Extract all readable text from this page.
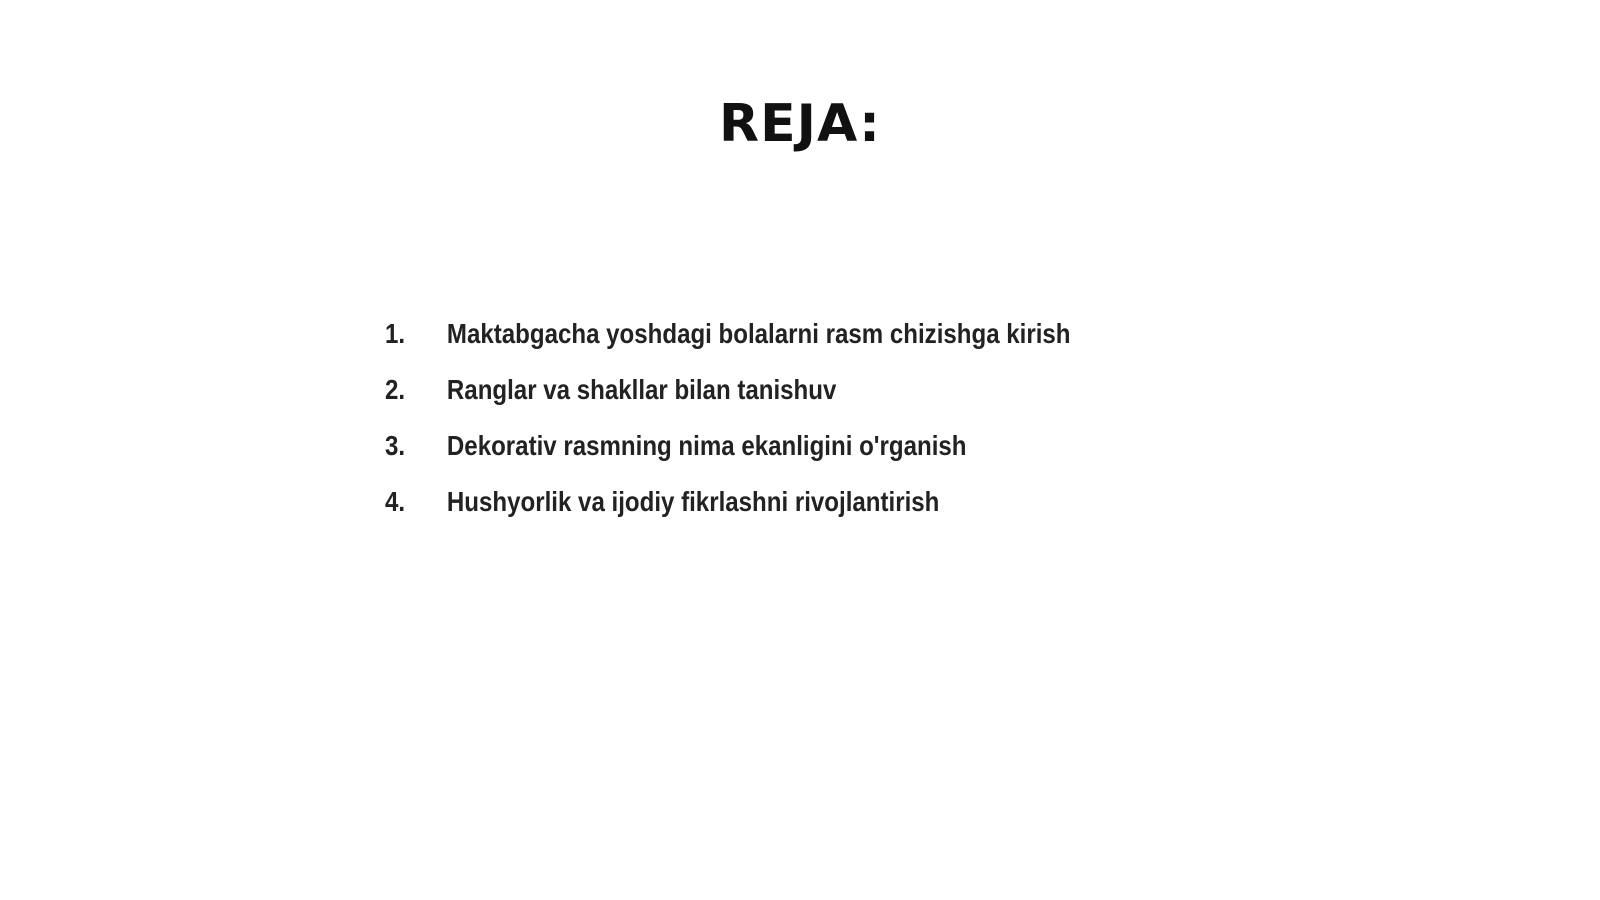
REJA:
1.	Maktabgacha yoshdagi bolalarni rasm chizishga kirish
2.	Ranglar va shakllar bilan tanishuv
3.	Dekorativ rasmning nima ekanligini o'rganish
4.	Hushyorlik va ijodiy fikrlashni rivojlantirish
